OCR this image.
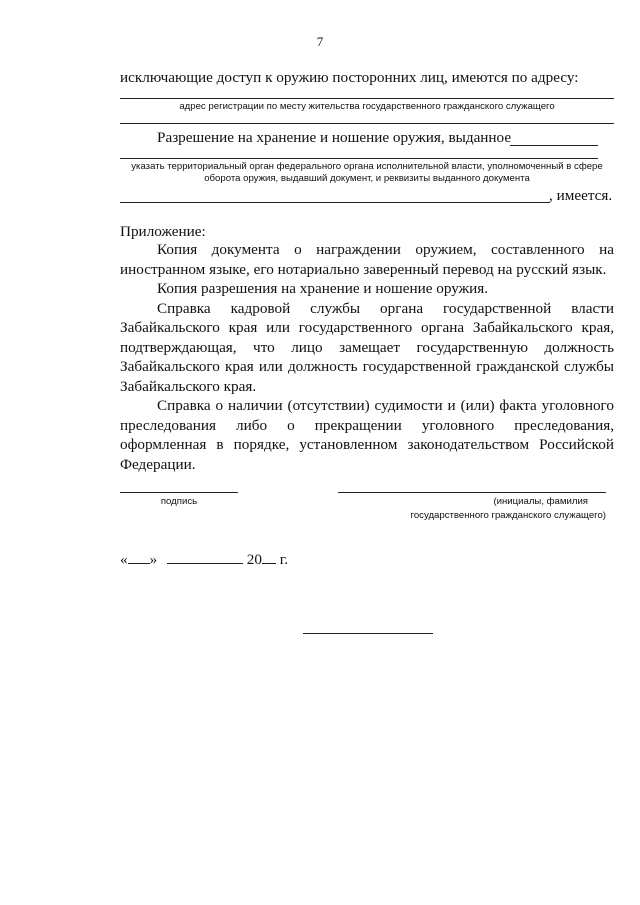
7
исключающие доступ к оружию посторонних лиц, имеются по адресу:
адрес регистрации по месту жительства государственного гражданского служащего
Разрешение на хранение и ношение оружия, выданное
указать территориальный орган федерального органа исполнительной власти, уполномоченный в сфере оборота оружия, выдавший документ, и реквизиты выданного документа
, имеется.
Приложение:

Копия документа о награждении оружием, составленного на иностранном языке, его нотариально заверенный перевод на русский язык.

Копия разрешения на хранение и ношение оружия.

Справка кадровой службы органа государственной власти Забайкальского края или государственного органа Забайкальского края, подтверждающая, что лицо замещает государственную должность Забайкальского края или должность государственной гражданской службы Забайкальского края.

Справка о наличии (отсутствии) судимости и (или) факта уголовного преследования либо о прекращении уголовного преследования, оформленная в порядке, установленном законодательством Российской Федерации.

подпись	(инициалы, фамилия
государственного гражданского служащего)
« »	20 г.
